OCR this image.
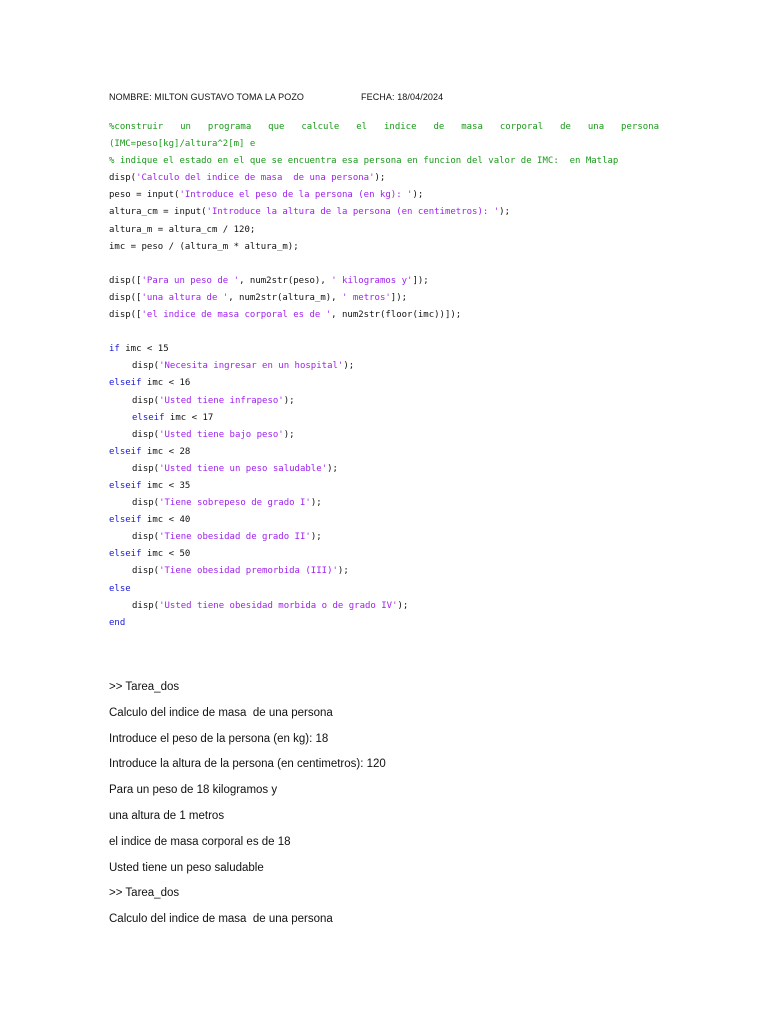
NOMBRE: MILTON GUSTAVO TOMA LA POZO	FECHA: 18/04/2024
%construir un programa que calcule el indice de masa corporal de una persona
(IMC=peso[kg]/altura^2[m] e
% indique el estado en el que se encuentra esa persona en funcion del valor de IMC:  en Matlap
disp('Calculo del indice de masa  de una persona');
peso = input('Introduce el peso de la persona (en kg): ');
altura_cm = input('Introduce la altura de la persona (en centimetros): ');
altura_m = altura_cm / 120;
imc = peso / (altura_m * altura_m);
disp(['Para un peso de ', num2str(peso), ' kilogramos y']);
disp(['una altura de ', num2str(altura_m), ' metros']);
disp(['el indice de masa corporal es de ', num2str(floor(imc))]);
if imc < 15
disp('Necesita ingresar en un hospital');
elseif imc < 16
disp('Usted tiene infrapeso');
elseif imc < 17
disp('Usted tiene bajo peso');
elseif imc < 28
disp('Usted tiene un peso saludable');
elseif imc < 35
disp('Tiene sobrepeso de grado I');
elseif imc < 40
disp('Tiene obesidad de grado II');
elseif imc < 50
disp('Tiene obesidad premorbida (III)');
else
disp('Usted tiene obesidad morbida o de grado IV');
end
>> Tarea_dos
Calculo del indice de masa  de una persona
Introduce el peso de la persona (en kg): 18
Introduce la altura de la persona (en centimetros): 120
Para un peso de 18 kilogramos y
una altura de 1 metros
el indice de masa corporal es de 18
Usted tiene un peso saludable
>> Tarea_dos
Calculo del indice de masa  de una persona
